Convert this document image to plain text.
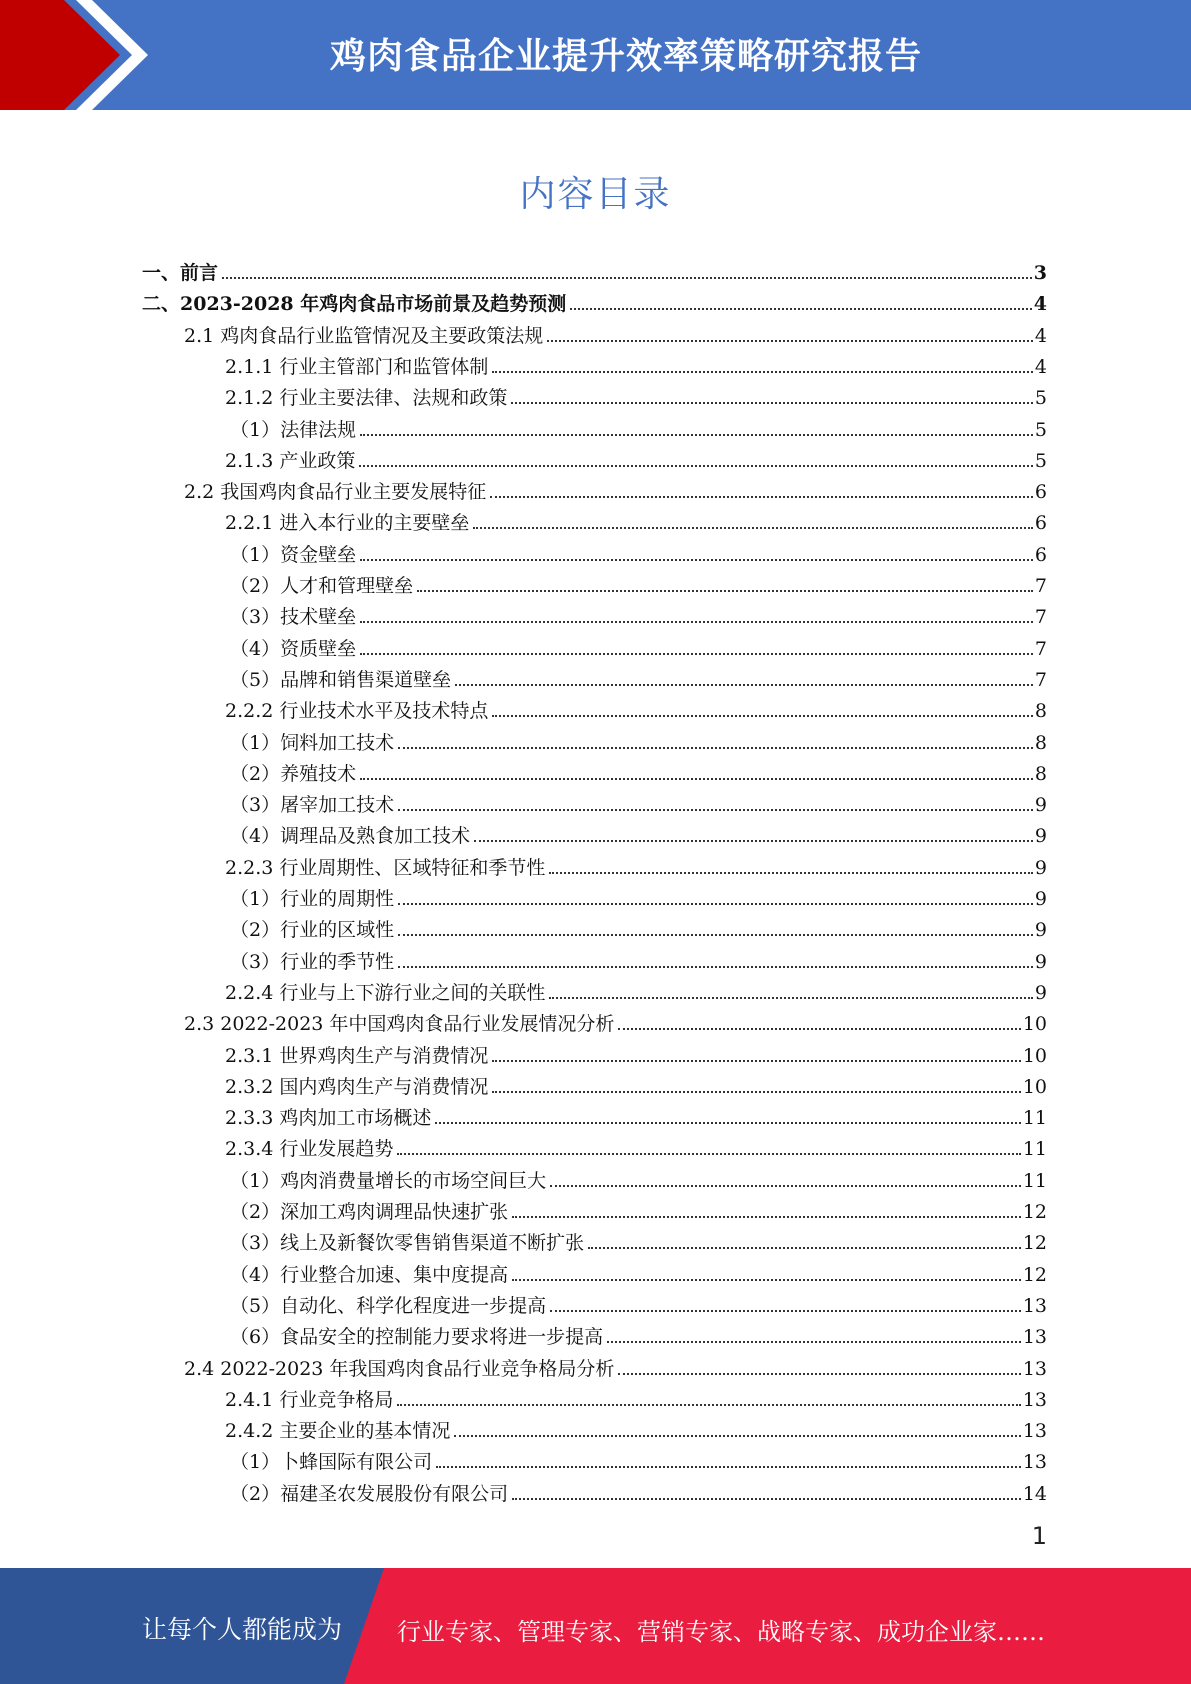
鸡肉食品企业提升效率策略研究报告
内容目录
一、前言	3
二、2023-2028 年鸡肉食品市场前景及趋势预测	4
2.1 鸡肉食品行业监管情况及主要政策法规	4
2.1.1 行业主管部门和监管体制	4
2.1.2 行业主要法律、法规和政策	5
（1）法律法规	5
2.1.3 产业政策	5
2.2 我国鸡肉食品行业主要发展特征	6
2.2.1 进入本行业的主要壁垒	6
（1）资金壁垒	6
（2）人才和管理壁垒	7
（3）技术壁垒	7
（4）资质壁垒	7
（5）品牌和销售渠道壁垒	7
2.2.2 行业技术水平及技术特点	8
（1）饲料加工技术	8
（2）养殖技术	8
（3）屠宰加工技术	9
（4）调理品及熟食加工技术	9
2.2.3 行业周期性、区域特征和季节性	9
（1）行业的周期性	9
（2）行业的区域性	9
（3）行业的季节性	9
2.2.4 行业与上下游行业之间的关联性	9
2.3 2022-2023 年中国鸡肉食品行业发展情况分析	10
2.3.1 世界鸡肉生产与消费情况	10
2.3.2 国内鸡肉生产与消费情况	10
2.3.3 鸡肉加工市场概述	11
2.3.4 行业发展趋势	11
（1）鸡肉消费量增长的市场空间巨大	11
（2）深加工鸡肉调理品快速扩张	12
（3）线上及新餐饮零售销售渠道不断扩张	12
（4）行业整合加速、集中度提高	12
（5）自动化、科学化程度进一步提高	13
（6）食品安全的控制能力要求将进一步提高	13
2.4 2022-2023 年我国鸡肉食品行业竞争格局分析	13
2.4.1 行业竞争格局	13
2.4.2 主要企业的基本情况	13
（1）卜蜂国际有限公司	13
（2）福建圣农发展股份有限公司	14
1
让每个人都能成为 行业专家、管理专家、营销专家、战略专家、成功企业家……
